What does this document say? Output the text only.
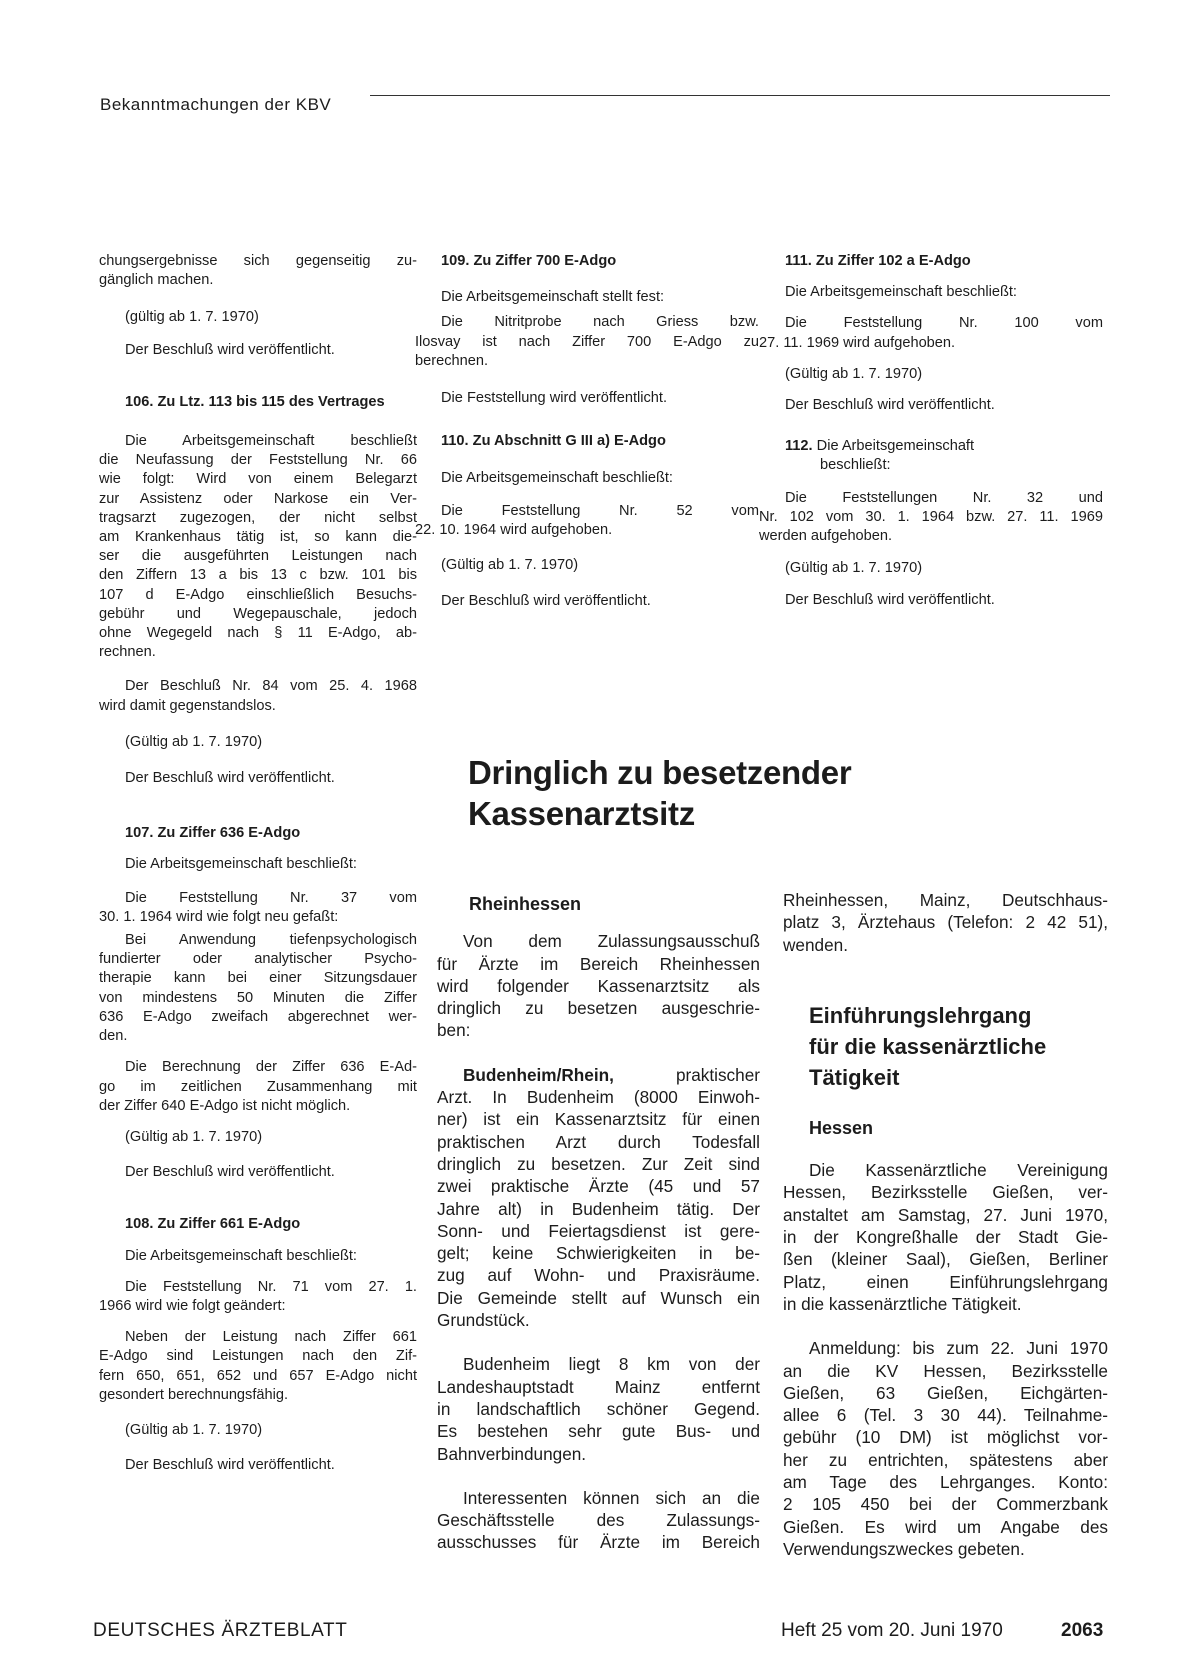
Bekanntmachungen der KBV

chungsergebnisse sich gegenseitig zu-

gänglich machen.

(gültig ab 1. 7. 1970)

Der Beschluß wird veröffentlicht.

106. Zu Ltz. 113 bis 115 des Vertrages

Die Arbeitsgemeinschaft beschließt

die Neufassung der Feststellung Nr. 66

wie folgt: Wird von einem Belegarzt

zur Assistenz oder Narkose ein Ver-

tragsarzt zugezogen, der nicht selbst

am Krankenhaus tätig ist, so kann die-

ser die ausgeführten Leistungen nach

den Ziffern 13 a bis 13 c bzw. 101 bis

107 d E-Adgo einschließlich Besuchs-

gebühr und Wegepauschale, jedoch

ohne Wegegeld nach § 11 E-Adgo, ab-

rechnen.

Der Beschluß Nr. 84 vom 25. 4. 1968

wird damit gegenstandslos.

(Gültig ab 1. 7. 1970)

Der Beschluß wird veröffentlicht.

107. Zu Ziffer 636 E-Adgo

Die Arbeitsgemeinschaft beschließt:

Die Feststellung Nr. 37 vom

30. 1. 1964 wird wie folgt neu gefaßt:

Bei Anwendung tiefenpsychologisch

fundierter oder analytischer Psycho-

therapie kann bei einer Sitzungsdauer

von mindestens 50 Minuten die Ziffer

636 E-Adgo zweifach abgerechnet wer-

den.

Die Berechnung der Ziffer 636 E-Ad-

go im zeitlichen Zusammenhang mit

der Ziffer 640 E-Adgo ist nicht möglich.

(Gültig ab 1. 7. 1970)

Der Beschluß wird veröffentlicht.

108. Zu Ziffer 661 E-Adgo

Die Arbeitsgemeinschaft beschließt:

Die Feststellung Nr. 71 vom 27. 1.

1966 wird wie folgt geändert:

Neben der Leistung nach Ziffer 661

E-Adgo sind Leistungen nach den Zif-

fern 650, 651, 652 und 657 E-Adgo nicht

gesondert berechnungsfähig.

(Gültig ab 1. 7. 1970)

Der Beschluß wird veröffentlicht.

109. Zu Ziffer 700 E-Adgo

Die Arbeitsgemeinschaft stellt fest:

Die Nitritprobe nach Griess bzw.

Ilosvay ist nach Ziffer 700 E-Adgo zu

berechnen.

Die Feststellung wird veröffentlicht.

110. Zu Abschnitt G III a) E-Adgo

Die Arbeitsgemeinschaft beschließt:

Die Feststellung Nr. 52 vom

22. 10. 1964 wird aufgehoben.

(Gültig ab 1. 7. 1970)

Der Beschluß wird veröffentlicht.

111. Zu Ziffer 102 a E-Adgo

Die Arbeitsgemeinschaft beschließt:

Die Feststellung Nr. 100 vom

27. 11. 1969 wird aufgehoben.

(Gültig ab 1. 7. 1970)

Der Beschluß wird veröffentlicht.

112. Die Arbeitsgemeinschaft

beschließt:

Die Feststellungen Nr. 32 und

Nr. 102 vom 30. 1. 1964 bzw. 27. 11. 1969

werden aufgehoben.

(Gültig ab 1. 7. 1970)

Der Beschluß wird veröffentlicht.

Dringlich zu besetzender
Kassenarztsitz

Rheinhessen

Von dem Zulassungsausschuß

für Ärzte im Bereich Rheinhessen

wird folgender Kassenarztsitz als

dringlich zu besetzen ausgeschrie-

ben:

Budenheim/Rhein,	praktischer

Arzt. In Budenheim (8000 Einwoh-

ner) ist ein Kassenarztsitz für einen

praktischen Arzt durch Todesfall

dringlich zu besetzen. Zur Zeit sind

zwei praktische Ärzte (45 und 57

Jahre alt) in Budenheim tätig. Der

Sonn- und Feiertagsdienst ist gere-

gelt; keine Schwierigkeiten in be-

zug auf Wohn- und Praxisräume.

Die Gemeinde stellt auf Wunsch ein

Grundstück.

Budenheim liegt 8 km von der

Landeshauptstadt Mainz entfernt

in landschaftlich schöner Gegend.

Es bestehen sehr gute Bus- und

Bahnverbindungen.

Interessenten können sich an die

Geschäftsstelle des Zulassungs-

ausschusses für Ärzte im Bereich

Rheinhessen, Mainz, Deutschhaus-

platz 3, Ärztehaus (Telefon: 2 42 51),

wenden.

Einführungslehrgang

für die kassenärztliche

Tätigkeit

Hessen

Die Kassenärztliche Vereinigung

Hessen, Bezirksstelle Gießen, ver-

anstaltet am Samstag, 27. Juni 1970,

in der Kongreßhalle der Stadt Gie-

ßen (kleiner Saal), Gießen, Berliner

Platz, einen Einführungslehrgang

in die kassenärztliche Tätigkeit.

Anmeldung: bis zum 22. Juni 1970

an die KV Hessen, Bezirksstelle

Gießen, 63 Gießen, Eichgärten-

allee 6 (Tel. 3 30 44). Teilnahme-

gebühr (10 DM) ist möglichst vor-

her zu entrichten, spätestens aber

am Tage des Lehrganges. Konto:

2 105 450 bei der Commerzbank

Gießen. Es wird um Angabe des

Verwendungszweckes gebeten.

DEUTSCHES ÄRZTEBLATT	Heft 25 vom 20. Juni 1970	2063
